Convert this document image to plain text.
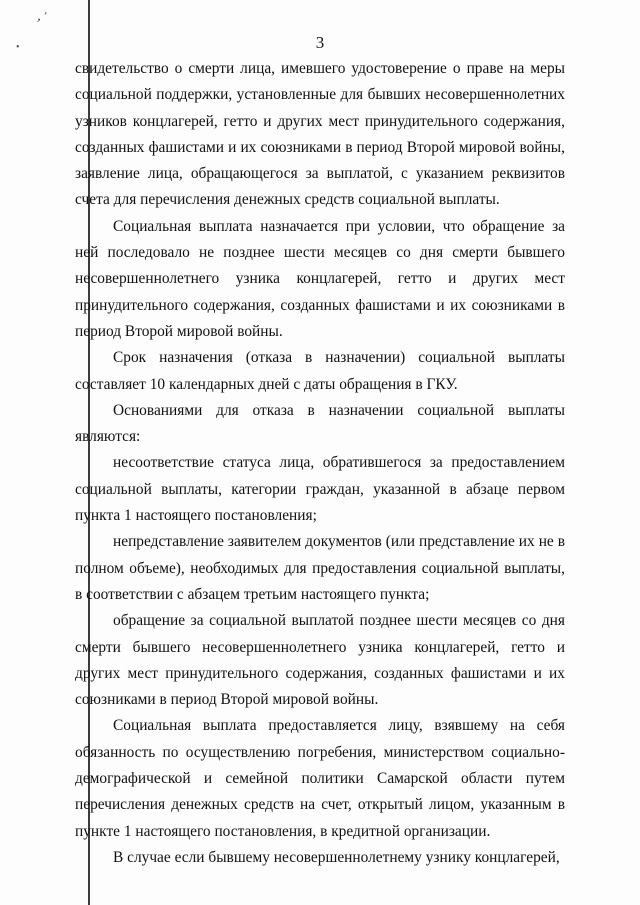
,᾿
•	3

свидетельство о смерти лица, имевшего удостоверение о праве на меры социальной поддержки, установленные для бывших несовершеннолетних узников концлагерей, гетто и других мест принудительного содержания, созданных фашистами и их союзниками в период Второй мировой войны, заявление лица, обращающегося за выплатой, с указанием реквизитов счета для перечисления денежных средств социальной выплаты.

Социальная выплата назначается при условии, что обращение за ней последовало не позднее шести месяцев со дня смерти бывшего несовершеннолетнего узника концлагерей, гетто и других мест принудительного содержания, созданных фашистами и их союзниками в период Второй мировой войны.

Срок назначения (отказа в назначении) социальной выплаты составляет 10 календарных дней с даты обращения в ГКУ.

Основаниями для отказа в назначении социальной выплаты являются:

несоответствие статуса лица, обратившегося за предоставлением социальной выплаты, категории граждан, указанной в абзаце первом пункта 1 настоящего постановления;

непредставление заявителем документов (или представление их не в полном объеме), необходимых для предоставления социальной выплаты, в соответствии с абзацем третьим настоящего пункта;

обращение за социальной выплатой позднее шести месяцев со дня смерти бывшего несовершеннолетнего узника концлагерей, гетто и других мест принудительного содержания, созданных фашистами и их союзниками в период Второй мировой войны.

Социальная выплата предоставляется лицу, взявшему на себя обязанность по осуществлению погребения, министерством социально-демографической и семейной политики Самарской области путем перечисления денежных средств на счет, открытый лицом, указанным в пункте 1 настоящего постановления, в кредитной организации.

В случае если бывшему несовершеннолетнему узнику концлагерей,
